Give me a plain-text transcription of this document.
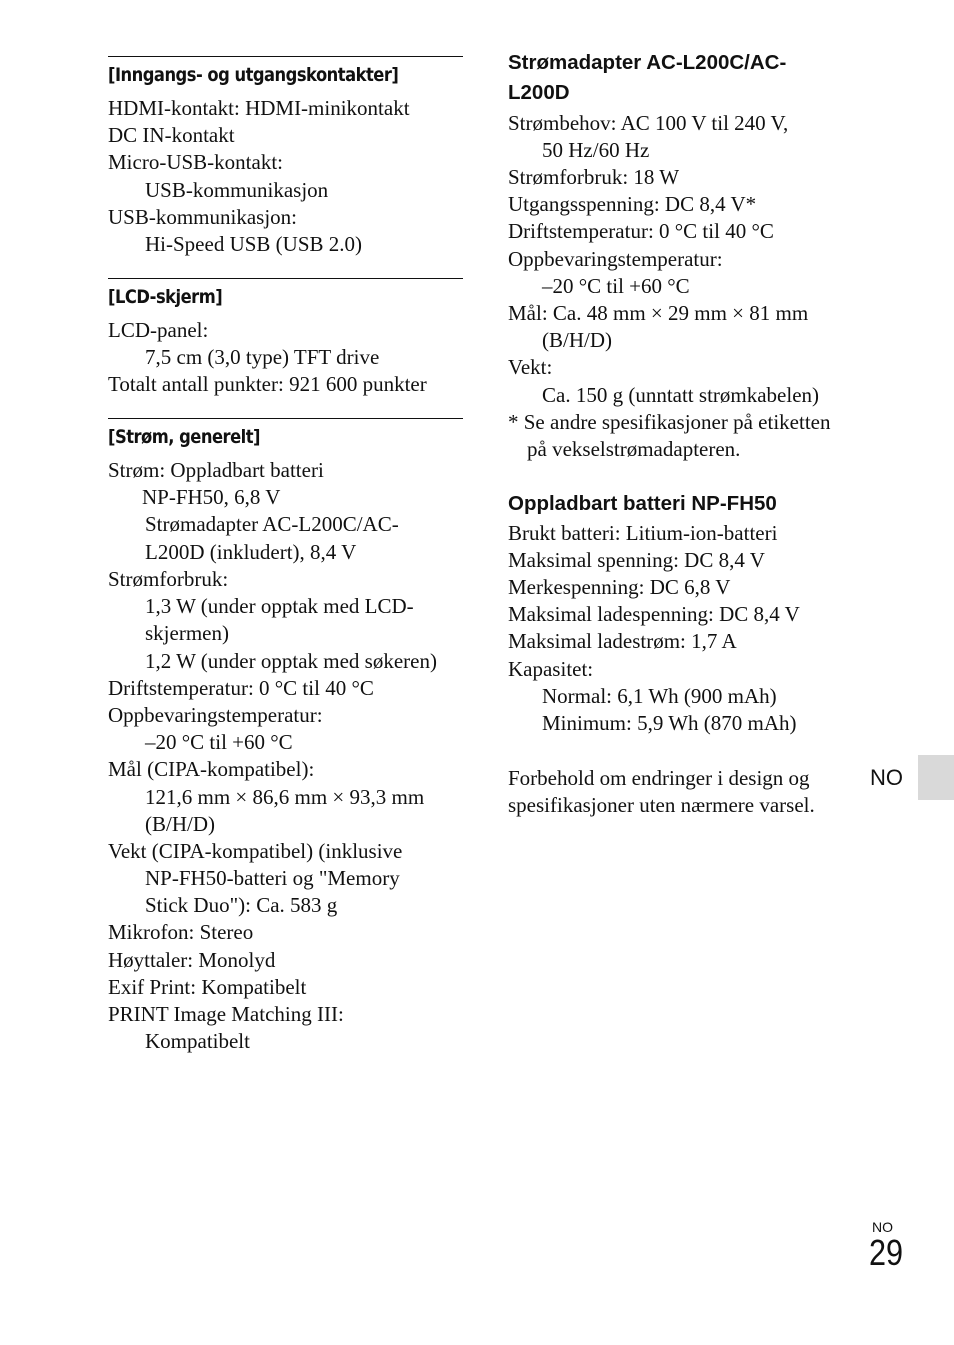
[Inngangs- og utgangskontakter]
HDMI-kontakt: HDMI-minikontakt
DC IN-kontakt
Micro-USB-kontakt:
USB-kommunikasjon
USB-kommunikasjon:
Hi-Speed USB (USB 2.0)
[LCD-skjerm]
LCD-panel:
7,5 cm (3,0 type) TFT drive
Totalt antall punkter: 921 600 punkter
[Strøm, generelt]
Strøm: Oppladbart batteri
NP-FH50, 6,8 V
Strømadapter AC-L200C/AC-
L200D (inkludert), 8,4 V
Strømforbruk:
1,3 W (under opptak med LCD-
skjermen)
1,2 W (under opptak med søkeren)
Driftstemperatur: 0 °C til 40 °C
Oppbevaringstemperatur:
–20 °C til +60 °C
Mål (CIPA-kompatibel):
121,6 mm × 86,6 mm × 93,3 mm
(B/H/D)
Vekt (CIPA-kompatibel) (inklusive
NP-FH50-batteri og "Memory
Stick Duo"): Ca. 583 g
Mikrofon: Stereo
Høyttaler: Monolyd
Exif Print: Kompatibelt
PRINT Image Matching III:
Kompatibelt
Strømadapter AC-L200C/AC-
L200D
Strømbehov: AC 100 V til 240 V,
50 Hz/60 Hz
Strømforbruk: 18 W
Utgangsspenning: DC 8,4 V*
Driftstemperatur: 0 °C til 40 °C
Oppbevaringstemperatur:
–20 °C til +60 °C
Mål: Ca. 48 mm × 29 mm × 81 mm
(B/H/D)
Vekt:
Ca. 150 g (unntatt strømkabelen)
* Se andre spesifikasjoner på etiketten
på vekselstrømadapteren.
Oppladbart batteri NP-FH50
Brukt batteri: Litium-ion-batteri
Maksimal spenning: DC 8,4 V
Merkespenning: DC 6,8 V
Maksimal ladespenning: DC 8,4 V
Maksimal ladestrøm: 1,7 A
Kapasitet:
Normal: 6,1 Wh (900 mAh)
Minimum: 5,9 Wh (870 mAh)
Forbehold om endringer i design og
spesifikasjoner uten nærmere varsel.
NO
NO
29
